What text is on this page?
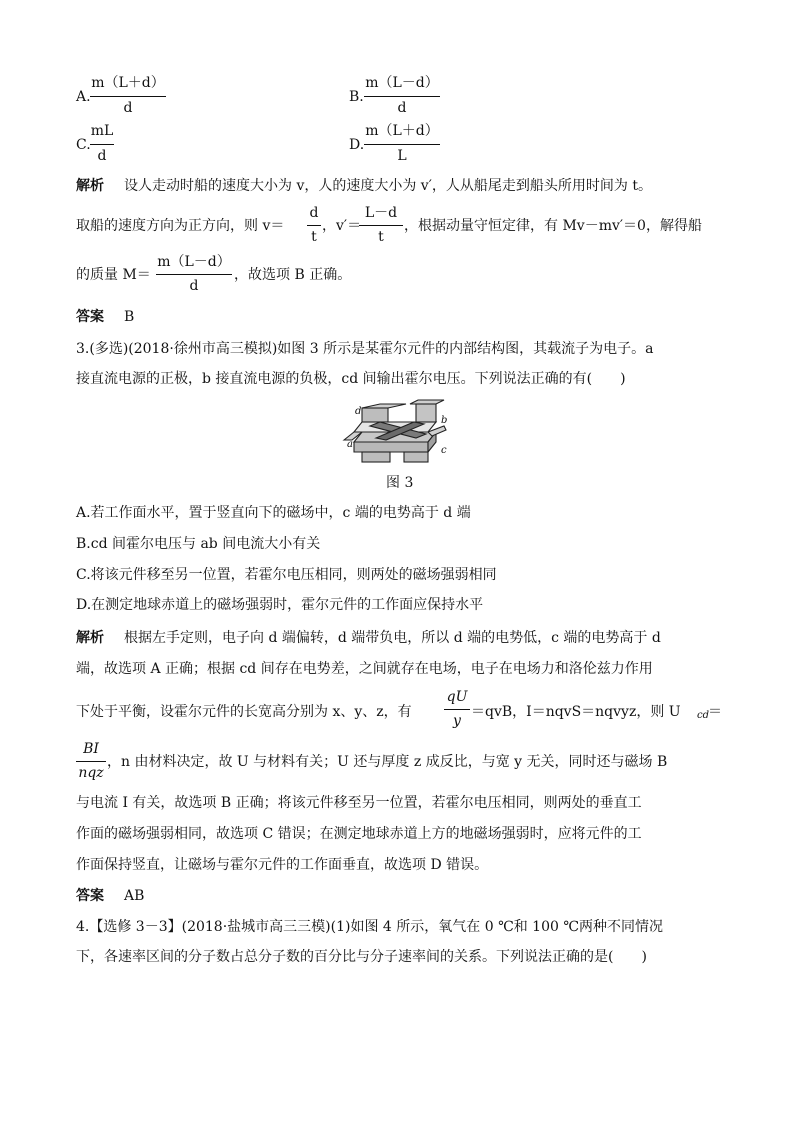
A.
m（L＋d）
d
B.
m（L－d）
d
C.
mL
d
D.
m（L＋d）
L
解析 设人走动时船的速度大小为 v，人的速度大小为 v′，人从船尾走到船头所用时间为 t。
取船的速度方向为正方向，则 v＝
d
t
，v′＝
L－d
t
，根据动量守恒定律，有 Mv－mv′＝0，解得船
的质量 M＝
m（L－d）
d
，故选项 B 正确。
答案 B
3.(多选)(2018·徐州市高三模拟)如图 3 所示是某霍尔元件的内部结构图，其载流子为电子。a
接直流电源的正极，b 接直流电源的负极，cd 间输出霍尔电压。下列说法正确的有(　　)
d
a
b
c
图 3
A.若工作面水平，置于竖直向下的磁场中，c 端的电势高于 d 端
B.cd 间霍尔电压与 ab 间电流大小有关
C.将该元件移至另一位置，若霍尔电压相同，则两处的磁场强弱相同
D.在测定地球赤道上的磁场强弱时，霍尔元件的工作面应保持水平
解析 根据左手定则，电子向 d 端偏转，d 端带负电，所以 d 端的电势低，c 端的电势高于 d
端，故选项 A 正确；根据 cd 间存在电势差，之间就存在电场，电子在电场力和洛伦兹力作用
下处于平衡，设霍尔元件的长宽高分别为 x、y、z，有
qU
y
＝qvB，I＝nqvS＝nqvyz，则 U cd
＝
BI
nqz
，n 由材料决定，故 U 与材料有关；U 还与厚度 z 成反比，与宽 y 无关，同时还与磁场 B
与电流 I 有关，故选项 B 正确；将该元件移至另一位置，若霍尔电压相同，则两处的垂直工
作面的磁场强弱相同，故选项 C 错误；在测定地球赤道上方的地磁场强弱时，应将元件的工
作面保持竖直，让磁场与霍尔元件的工作面垂直，故选项 D 错误。
答案 AB
4.【选修 3－3】(2018·盐城市高三三模)(1)如图 4 所示，氧气在 0 ℃和 100 ℃两种不同情况
下，各速率区间的分子数占总分子数的百分比与分子速率间的关系。下列说法正确的是(　　)
